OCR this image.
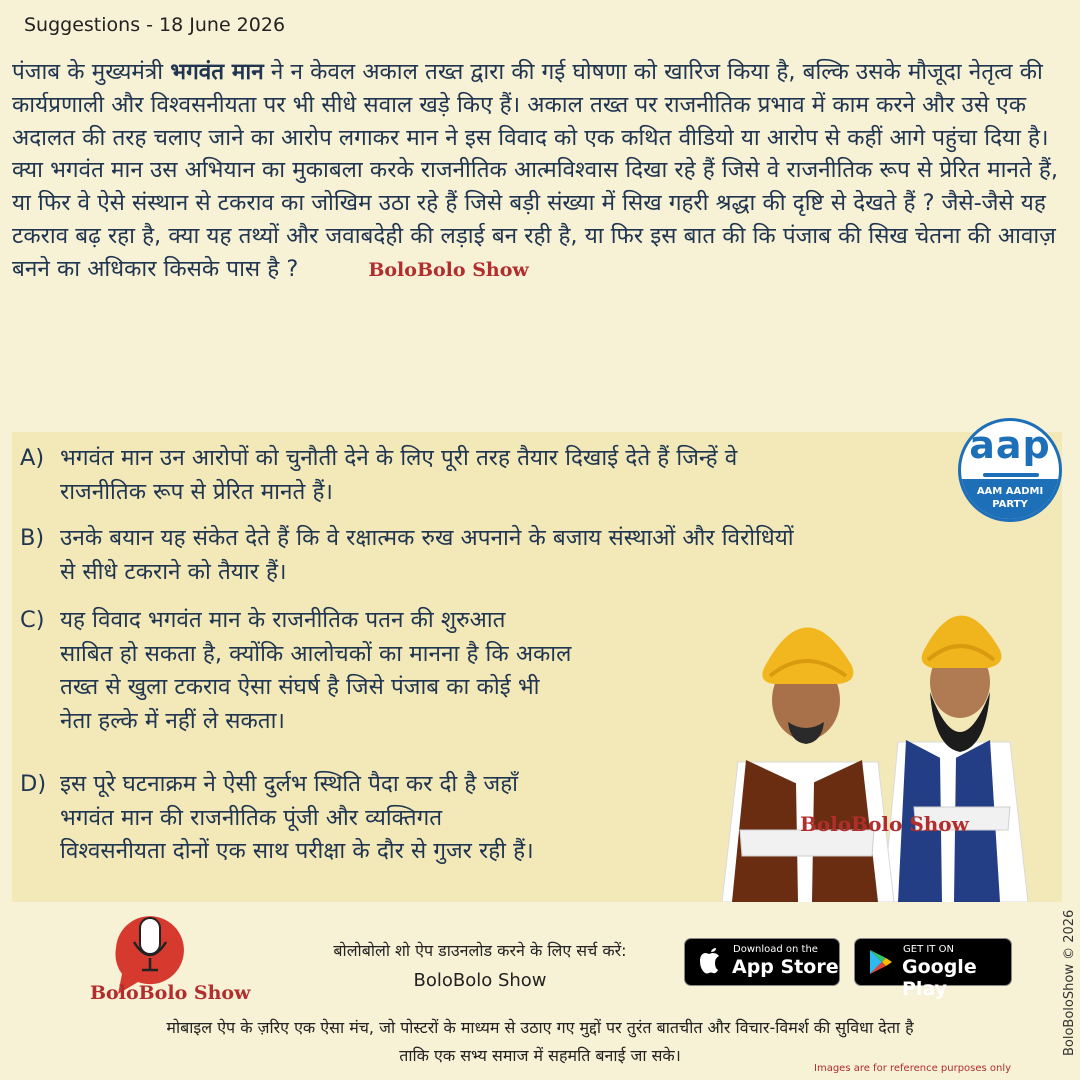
Suggestions - 18 June 2026

पंजाब के मुख्यमंत्री भगवंत मान ने न केवल अकाल तख्त द्वारा की गई घोषणा को खारिज किया है, बल्कि उसके मौजूदा नेतृत्व की कार्यप्रणाली और विश्वसनीयता पर भी सीधे सवाल खड़े किए हैं। अकाल तख्त पर राजनीतिक प्रभाव में काम करने और उसे एक अदालत की तरह चलाए जाने का आरोप लगाकर मान ने इस विवाद को एक कथित वीडियो या आरोप से कहीं आगे पहुंचा दिया है। क्या भगवंत मान उस अभियान का मुकाबला करके राजनीतिक आत्मविश्वास दिखा रहे हैं जिसे वे राजनीतिक रूप से प्रेरित मानते हैं, या फिर वे ऐसे संस्थान से टकराव का जोखिम उठा रहे हैं जिसे बड़ी संख्या में सिख गहरी श्रद्धा की दृष्टि से देखते हैं ? जैसे-जैसे यह टकराव बढ़ रहा है, क्या यह तथ्यों और जवाबदेही की लड़ाई बन रही है, या फिर इस बात की कि पंजाब की सिख चेतना की आवाज़ बनने का अधिकार किसके पास है ?	BoloBolo Show

A) भगवंत मान उन आरोपों को चुनौती देने के लिए पूरी तरह तैयार दिखाई देते हैं जिन्हें वे
राजनीतिक रूप से प्रेरित मानते हैं।
B) उनके बयान यह संकेत देते हैं कि वे रक्षात्मक रुख अपनाने के बजाय संस्थाओं और विरोधियों
से सीधे टकराने को तैयार हैं।
C) यह विवाद भगवंत मान के राजनीतिक पतन की शुरुआत
साबित हो सकता है, क्योंकि आलोचकों का मानना है कि अकाल
तख्त से खुला टकराव ऐसा संघर्ष है जिसे पंजाब का कोई भी
नेता हल्के में नहीं ले सकता।
D) इस पूरे घटनाक्रम ने ऐसी दुर्लभ स्थिति पैदा कर दी है जहाँ
भगवंत मान की राजनीतिक पूंजी और व्यक्तिगत
विश्वसनीयता दोनों एक साथ परीक्षा के दौर से गुजर रही हैं।
aap
AAM AADMI
PARTY
BoloBolo Show
BoloBolo Show
बोलोबोलो शो ऐप डाउनलोड करने के लिए सर्च करें:
BoloBolo Show
Download on the
App Store
GET IT ON
Google Play
मोबाइल ऐप के ज़रिए एक ऐसा मंच, जो पोस्टरों के माध्यम से उठाए गए मुद्दों पर तुरंत बातचीत और विचार-विमर्श की सुविधा देता है
ताकि एक सभ्य समाज में सहमति बनाई जा सके।	BoloBoloShow © 2026
Images are for reference purposes only
